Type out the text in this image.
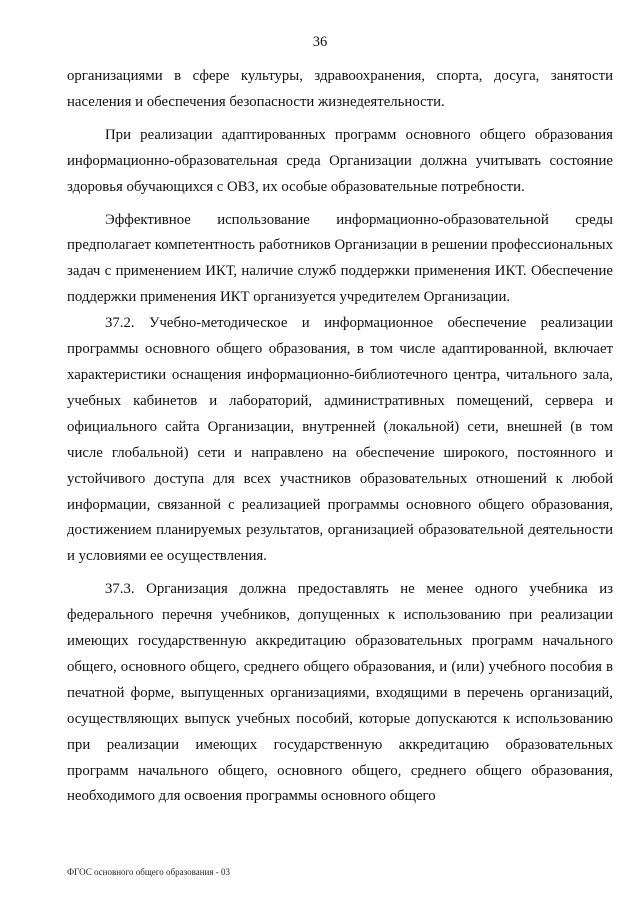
36

организациями в сфере культуры, здравоохранения, спорта, досуга, занятости населения и обеспечения безопасности жизнедеятельности.

При реализации адаптированных программ основного общего образования информационно-образовательная среда Организации должна учитывать состояние здоровья обучающихся с ОВЗ, их особые образовательные потребности.

Эффективное использование информационно-образовательной среды предполагает компетентность работников Организации в решении профессиональных задач с применением ИКТ, наличие служб поддержки применения ИКТ. Обеспечение поддержки применения ИКТ организуется учредителем Организации.

37.2. Учебно-методическое и информационное обеспечение реализации программы основного общего образования, в том числе адаптированной, включает характеристики оснащения информационно-библиотечного центра, читального зала, учебных кабинетов и лабораторий, административных помещений, сервера и официального сайта Организации, внутренней (локальной) сети, внешней (в том числе глобальной) сети и направлено на обеспечение широкого, постоянного и устойчивого доступа для всех участников образовательных отношений к любой информации, связанной с реализацией программы основного общего образования, достижением планируемых результатов, организацией образовательной деятельности и условиями ее осуществления.

37.3. Организация должна предоставлять не менее одного учебника из федерального перечня учебников, допущенных к использованию при реализации имеющих государственную аккредитацию образовательных программ начального общего, основного общего, среднего общего образования, и (или) учебного пособия в печатной форме, выпущенных организациями, входящими в перечень организаций, осуществляющих выпуск учебных пособий, которые допускаются к использованию при реализации имеющих государственную аккредитацию образовательных программ начального общего, основного общего, среднего общего образования, необходимого для освоения программы основного общего

ФГОС основного общего образования - 03
